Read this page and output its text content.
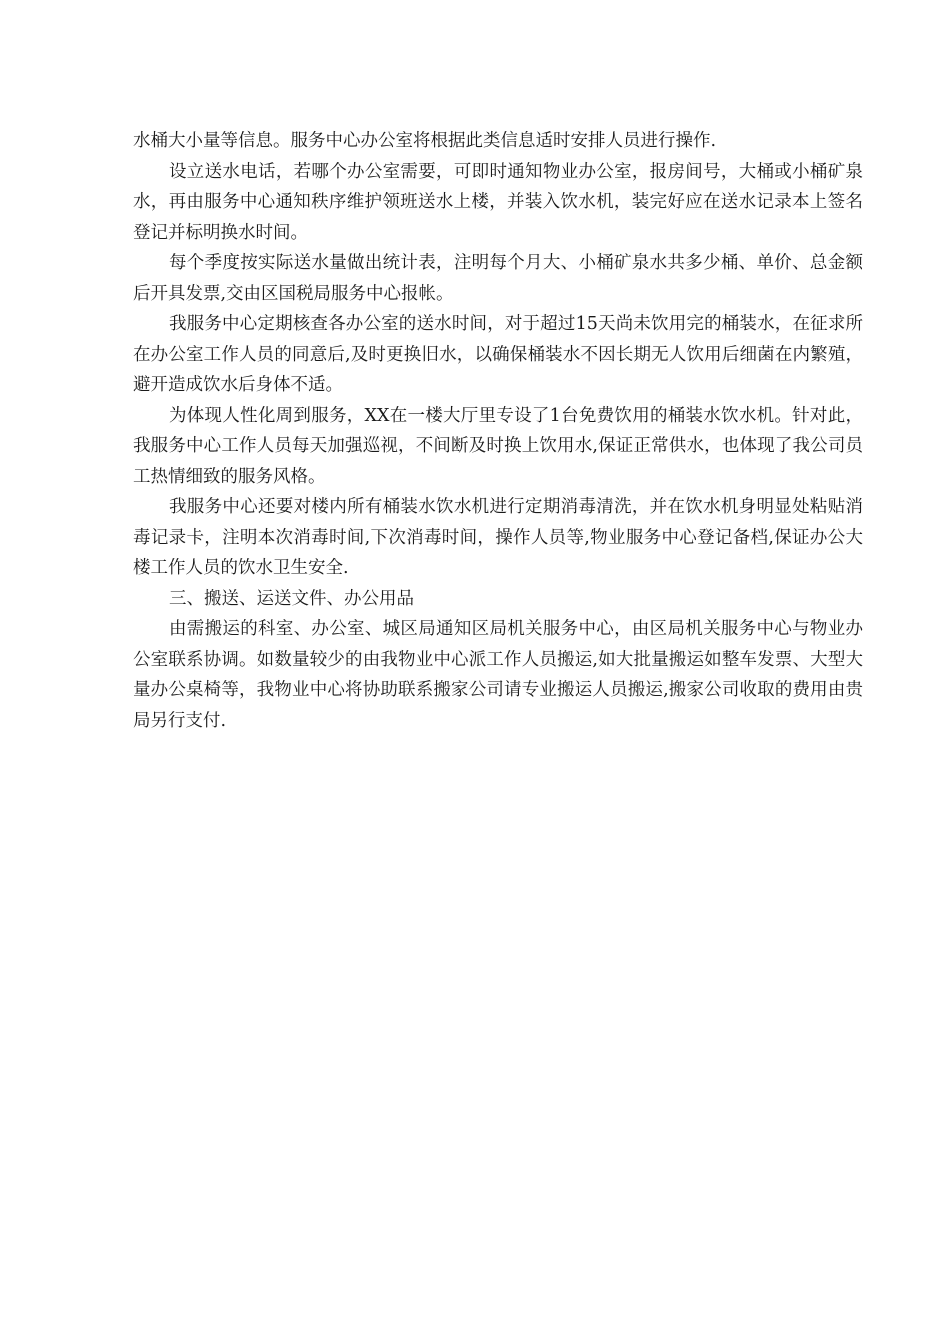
水桶大小量等信息。服务中心办公室将根据此类信息适时安排人员进行操作.

设立送水电话，若哪个办公室需要，可即时通知物业办公室，报房间号，大桶或小桶矿泉水，再由服务中心通知秩序维护领班送水上楼，并装入饮水机，装完好应在送水记录本上签名登记并标明换水时间。

每个季度按实际送水量做出统计表，注明每个月大、小桶矿泉水共多少桶、单价、总金额后开具发票,交由区国税局服务中心报帐。

我服务中心定期核查各办公室的送水时间，对于超过15天尚未饮用完的桶装水，在征求所在办公室工作人员的同意后,及时更换旧水，以确保桶装水不因长期无人饮用后细菌在内繁殖，避开造成饮水后身体不适。

为体现人性化周到服务，XX在一楼大厅里专设了1台免费饮用的桶装水饮水机。针对此，我服务中心工作人员每天加强巡视，不间断及时换上饮用水,保证正常供水，也体现了我公司员工热情细致的服务风格。

我服务中心还要对楼内所有桶装水饮水机进行定期消毒清洗，并在饮水机身明显处粘贴消毒记录卡，注明本次消毒时间,下次消毒时间，操作人员等,物业服务中心登记备档,保证办公大楼工作人员的饮水卫生安全.

三、搬送、运送文件、办公用品

由需搬运的科室、办公室、城区局通知区局机关服务中心，由区局机关服务中心与物业办公室联系协调。如数量较少的由我物业中心派工作人员搬运,如大批量搬运如整车发票、大型大量办公桌椅等，我物业中心将协助联系搬家公司请专业搬运人员搬运,搬家公司收取的费用由贵局另行支付.
